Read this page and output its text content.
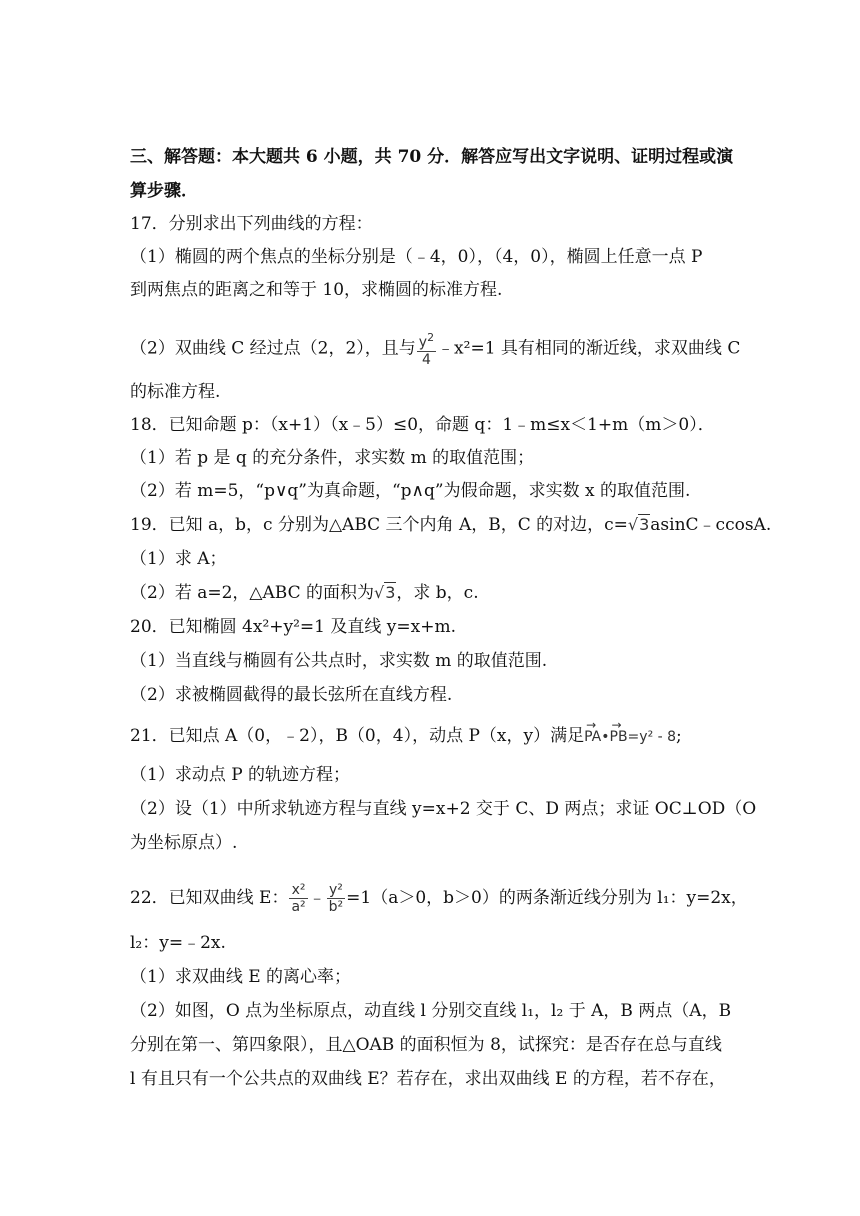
三、解答题：本大题共 6 小题，共 70 分．解答应写出文字说明、证明过程或演
算步骤．
17．分别求出下列曲线的方程：
（1）椭圆的两个焦点的坐标分别是（﹣4，0），（4，0），椭圆上任意一点 P
到两焦点的距离之和等于 10，求椭圆的标准方程.
（2）双曲线 C 经过点（2，2），且与 $\frac{y^2}{4}$ ﹣x²=1 具有相同的渐近线，求双曲线 C
的标准方程.
18．已知命题 p：（x+1）（x﹣5）≤0，命题 q：1﹣m≤x＜1+m（m＞0）．
（1）若 p 是 q 的充分条件，求实数 m 的取值范围；
（2）若 m=5，“p∨q”为真命题，“p∧q”为假命题，求实数 x 的取值范围.
19．已知 a，b，c 分别为△ABC 三个内角 A，B，C 的对边，c=√3asinC﹣ccosA.
（1）求 A；
（2）若 a=2，△ABC 的面积为√3，求 b，c.
20．已知椭圆 4x²+y²=1 及直线 y=x+m.
（1）当直线与椭圆有公共点时，求实数 m 的取值范围.
（2）求被椭圆截得的最长弦所在直线方程.
21．已知点 A（0，﹣2），B（0，4），动点 P（x，y）满足→ PA•→ PB=y² - 8;
（1）求动点 P 的轨迹方程；
（2）设（1）中所求轨迹方程与直线 y=x+2 交于 C、D 两点；求证 OC⊥OD（O
为坐标原点）.
22．已知双曲线 E： $\frac{\text{x²}}{\text{a²}}$ ﹣ $\frac{\text{y²}}{\text{b²}} =1(a>0$，b＞0）的两条渐近线分别为 l₁：y=2x，
l₂：y=﹣2x.
（1）求双曲线 E 的离心率；
（2）如图，O 点为坐标原点，动直线 l 分别交直线 l₁，l₂ 于 A，B 两点（A，B
分别在第一、第四象限），且△OAB 的面积恒为 8，试探究：是否存在总与直线
l 有且只有一个公共点的双曲线 E？若存在，求出双曲线 E 的方程，若不存在，
